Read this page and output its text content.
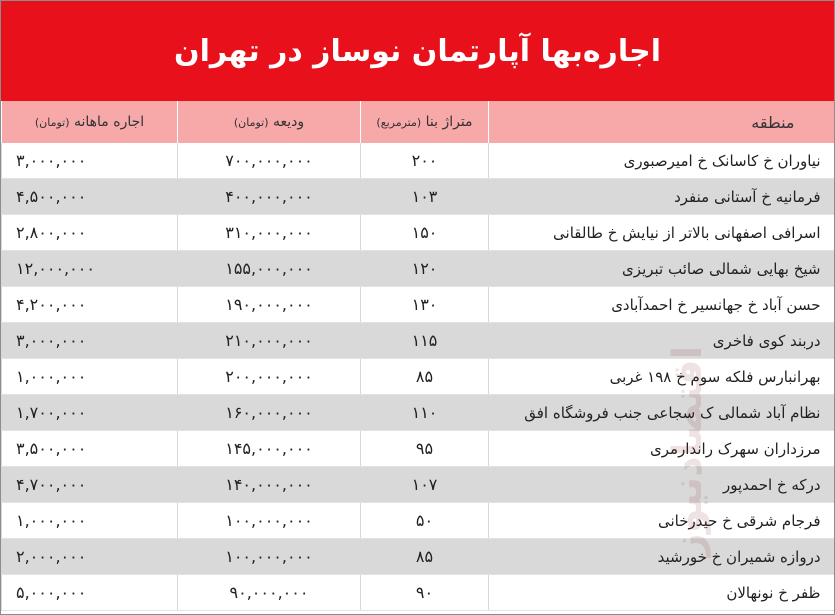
اجاره‌بها آپارتمان نوساز در تهران
منطقه	متراژ بنا (مترمربع)	ودیعه (تومان)	اجاره ماهانه (تومان)
نیاوران خ کاسانک خ امیرصبوری	۲۰۰	۷۰۰,۰۰۰,۰۰۰	۳,۰۰۰,۰۰۰
فرمانیه خ آستانی منفرد	۱۰۳	۴۰۰,۰۰۰,۰۰۰	۴,۵۰۰,۰۰۰
اسرافی اصفهانی بالاتر از نیایش خ طالقانی	۱۵۰	۳۱۰,۰۰۰,۰۰۰	۲,۸۰۰,۰۰۰
شیخ بهایی شمالی صائب تبریزی	۱۲۰	۱۵۵,۰۰۰,۰۰۰	۱۲,۰۰۰,۰۰۰
حسن آباد خ جهانسیر خ احمدآبادی	۱۳۰	۱۹۰,۰۰۰,۰۰۰	۴,۲۰۰,۰۰۰
دربند کوی فاخری	۱۱۵	۲۱۰,۰۰۰,۰۰۰	۳,۰۰۰,۰۰۰
بهرانبارس فلکه سوم خ ۱۹۸ غربی	۸۵	۲۰۰,۰۰۰,۰۰۰	۱,۰۰۰,۰۰۰
نظام آباد شمالی ک سجاعی جنب فروشگاه افق	۱۱۰	۱۶۰,۰۰۰,۰۰۰	۱,۷۰۰,۰۰۰
مرزداران سهرک راندارمری	۹۵	۱۴۵,۰۰۰,۰۰۰	۳,۵۰۰,۰۰۰
درکه خ احمدپور	۱۰۷	۱۴۰,۰۰۰,۰۰۰	۴,۷۰۰,۰۰۰
فرجام شرقی خ حیدرخانی	۵۰	۱۰۰,۰۰۰,۰۰۰	۱,۰۰۰,۰۰۰
دروازه شمیران خ خورشید	۸۵	۱۰۰,۰۰۰,۰۰۰	۲,۰۰۰,۰۰۰
ظفر خ نونهالان	۹۰	۹۰,۰۰۰,۰۰۰	۵,۰۰۰,۰۰۰
